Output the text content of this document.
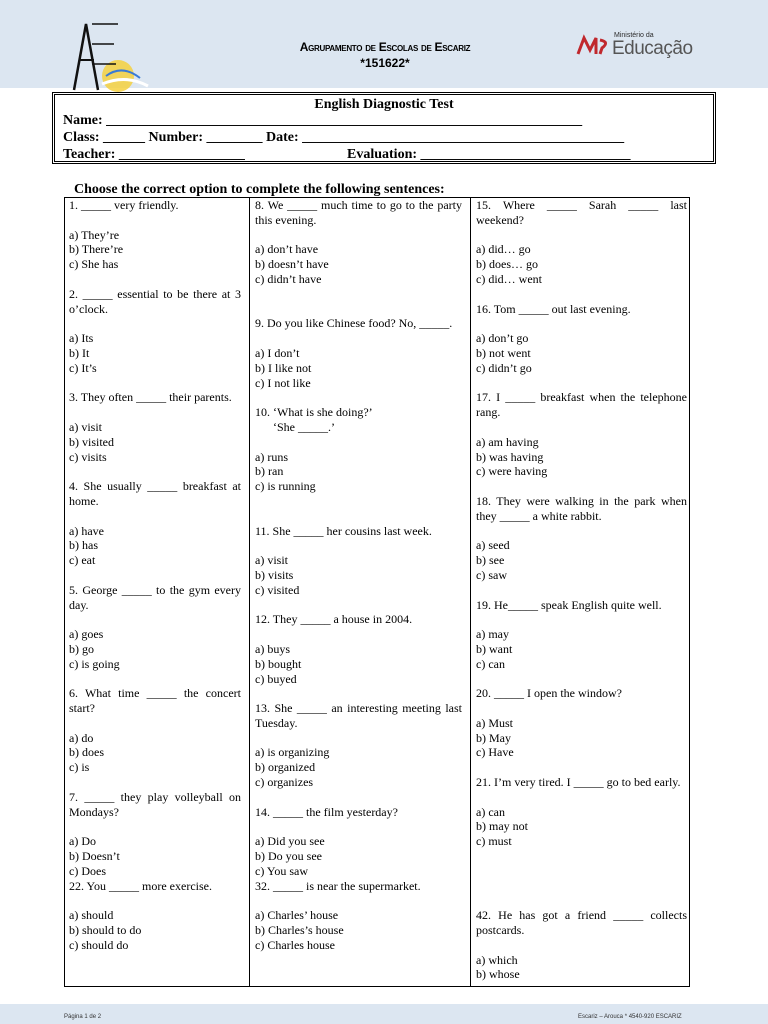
Agrupamento de Escolas de Escariz
*151622*
Ministério da
Educação
English Diagnostic Test
Name: ____________________________________________________________________
Class: ______ Number: ________ Date: ______________________________________________
Teacher: __________________	Evaluation: ______________________________
Choose the correct option to complete the following sentences:
1. _____ very friendly.
a) They’re
b) There’re
c) She has
2. _____ essential to be there at 3 o’clock.
a) Its
b) It
c) It’s
3. They often _____ their parents.
a) visit
b) visited
c) visits
4. She usually _____ breakfast at home.
a) have
b) has
c) eat
5. George _____ to the gym every day.
a) goes
b) go
c) is going
6. What time _____ the concert start?
a) do
b) does
c) is
7. _____ they play volleyball on Mondays?
a) Do
b) Doesn’t
c) Does
22. You _____ more exercise.
a) should
b) should to do
c) should do
8. We _____ much time to go to the party this evening.
a) don’t have
b) doesn’t have
c) didn’t have
9. Do you like Chinese food? No, _____.
a) I don’t
b) I like not
c) I not like
10. ‘What is she doing?’
‘She _____.’
a) runs
b) ran
c) is running
11. She _____ her cousins last week.
a) visit
b) visits
c) visited
12. They _____ a house in 2004.
a) buys
b) bought
c) buyed
13. She _____ an interesting meeting last Tuesday.
a) is organizing
b) organized
c) organizes
14. _____ the film yesterday?
a) Did you see
b) Do you see
c) You saw
32. _____ is near the supermarket.
a) Charles’ house
b) Charles’s house
c) Charles house
15. Where _____ Sarah _____ last weekend?
a) did… go
b) does… go
c) did… went
16. Tom _____ out last evening.
a) don’t go
b) not went
c) didn’t go
17. I _____ breakfast when the telephone rang.
a) am having
b) was having
c) were having
18. They were walking in the park when they _____ a white rabbit.
a) seed
b) see
c) saw
19. He_____ speak English quite well.
a) may
b) want
c) can
20. _____ I open the window?
a) Must
b) May
c) Have
21. I’m very tired. I _____ go to bed early.
a) can
b) may not
c) must
42. He has got a friend _____ collects postcards.
a) which
b) whose
Página 1 de 2	Escariz – Arouca * 4540-920 ESCARIZ
